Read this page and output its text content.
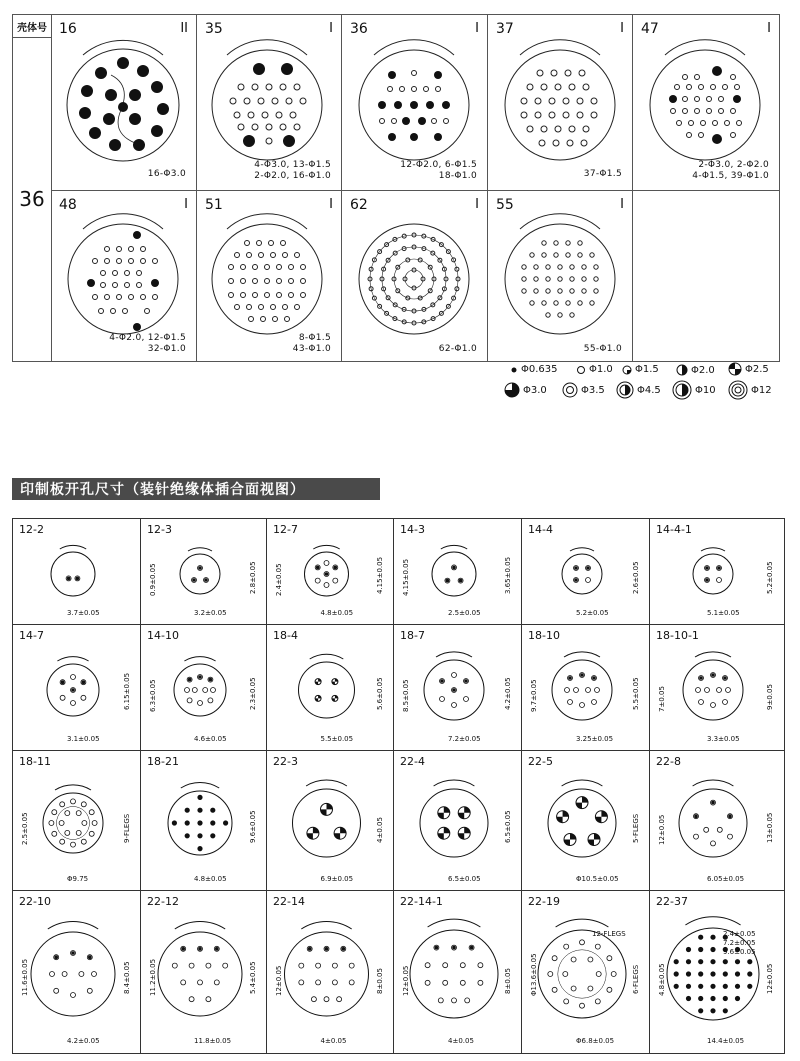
壳体号
36
16	II
16-Φ3.0
35	I
4-Φ3.0, 13-Φ1.5
2-Φ2.0, 16-Φ1.0
36	I
12-Φ2.0, 6-Φ1.5
18-Φ1.0
37	I
37-Φ1.5
47	I
2-Φ3.0, 2-Φ2.0
4-Φ1.5, 39-Φ1.0
48	I
4-Φ2.0, 12-Φ1.5
32-Φ1.0
51	I
8-Φ1.5
43-Φ1.0
62	I
62-Φ1.0
55	I
55-Φ1.0
Φ0.635	Φ1.0 Φ1.5	Φ2.0	Φ2.5
Φ3.0	Φ3.5	Φ4.5	Φ10	Φ12
印制板开孔尺寸（装针绝缘体插合面视图）
12-2
3.7±0.05
12-3
3.2±0.05
2.8±0.05
0.9±0.05
12-7
4.8±0.05
4.15±0.05
2.4±0.05
14-3
2.5±0.05
3.65±0.05
4.15±0.05
14-4
5.2±0.05
2.6±0.05
14-4-1
5.1±0.05
5.2±0.05
14-7
3.1±0.05
6.15±0.05
14-10
4.6±0.05
2.3±0.05
6.3±0.05
18-4
5.5±0.05
5.6±0.05
18-7
7.2±0.05
4.2±0.05
8.5±0.05
18-10
3.25±0.05
5.5±0.05
9.7±0.05
18-10-1
3.3±0.05
9±0.05
7±0.05
18-11
Φ9.75
9-FLEGS
2.5±0.05
18-21
4.8±0.05
9.6±0.05
22-3
6.9±0.05
4±0.05
22-4
6.5±0.05
6.5±0.05
22-5
Φ10.5±0.05
5-FLEGS
22-8
6.05±0.05
13±0.05
12±0.05
22-10
4.2±0.05
8.4±0.05
11.6±0.05
22-12
11.8±0.05
5.4±0.05
11.2±0.05
22-14
4±0.05
8±0.05
12±0.05
22-14-1
4±0.05
8±0.05
12±0.05
22-19
Φ6.8±0.05
6-FLEGS
Φ13.6±0.05
12-FLEGS
22-37
14.4±0.05
12±0.05
4.8±0.05
2.4±0.05
7.2±0.05
9.6±0.05
